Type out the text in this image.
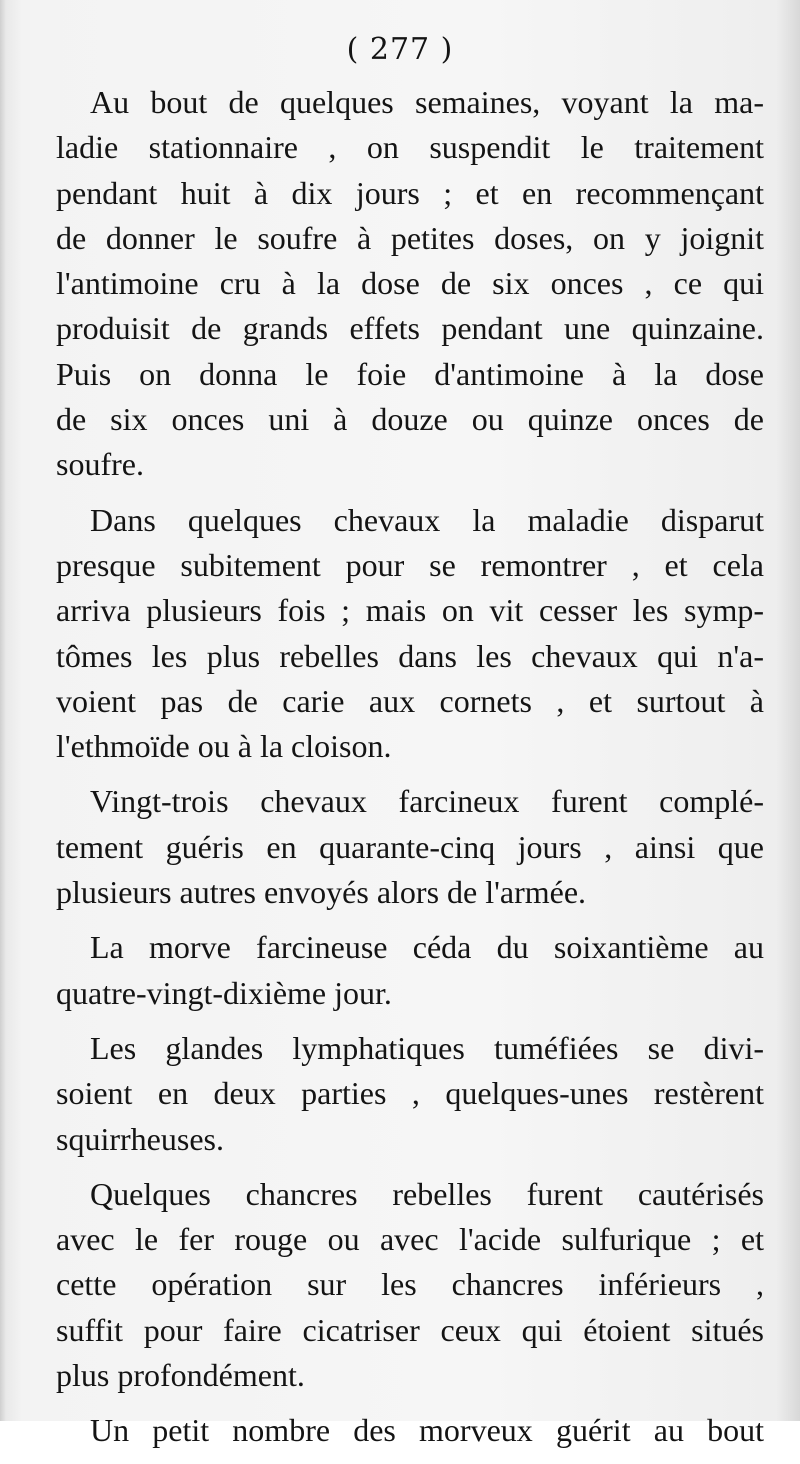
( 277 )
Au bout de quelques semaines, voyant la ma-
ladie stationnaire , on suspendit le traitement
pendant huit à dix jours ; et en recommençant
de donner le soufre à petites doses, on y joignit
l'antimoine cru à la dose de six onces , ce qui
produisit de grands effets pendant une quinzaine.
Puis on donna le foie d'antimoine à la dose
de six onces uni à douze ou quinze onces de
soufre.
Dans quelques chevaux la maladie disparut
presque subitement pour se remontrer , et cela
arriva plusieurs fois ; mais on vit cesser les symp-
tômes les plus rebelles dans les chevaux qui n'a-
voient pas de carie aux cornets , et surtout à
l'ethmoïde ou à la cloison.
Vingt-trois chevaux farcineux furent complé-
tement guéris en quarante-cinq jours , ainsi que
plusieurs autres envoyés alors de l'armée.
La morve farcineuse céda du soixantième au
quatre-vingt-dixième jour.
Les glandes lymphatiques tuméfiées se divi-
soient en deux parties , quelques-unes restèrent
squirrheuses.
Quelques chancres rebelles furent cautérisés
avec le fer rouge ou avec l'acide sulfurique ; et
cette opération sur les chancres inférieurs ,
suffit pour faire cicatriser ceux qui étoient situés
plus profondément.
Un petit nombre des morveux guérit au bout
